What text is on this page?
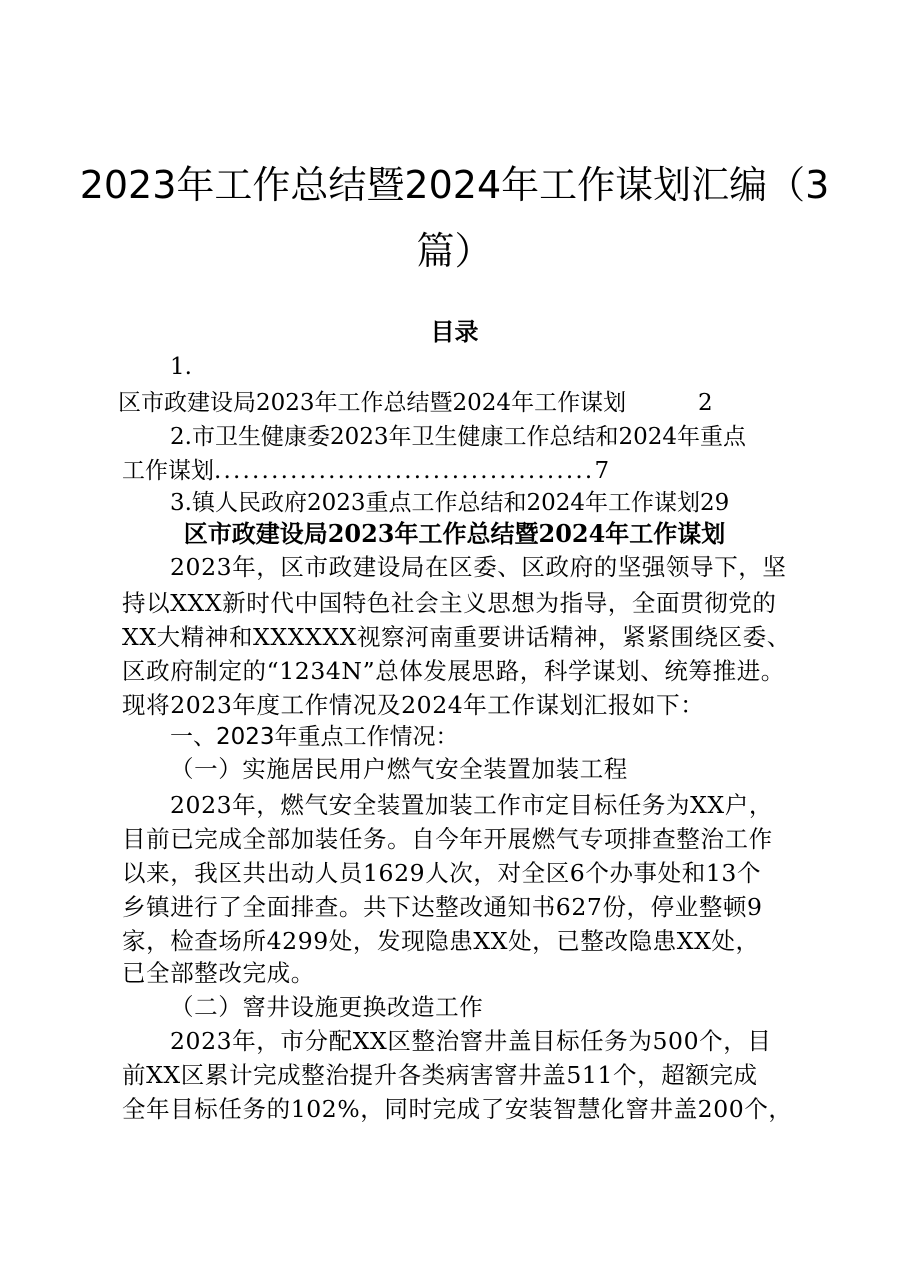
2023年工作总结暨2024年工作谋划汇编（3
篇）
目录
1.
区市政建设局2023年工作总结暨2024年工作谋划	2
2.市卫生健康委2023年卫生健康工作总结和2024年重点
工作谋划........................................7
3.镇人民政府2023重点工作总结和2024年工作谋划29
区市政建设局2023年工作总结暨2024年工作谋划
2023年，区市政建设局在区委、区政府的坚强领导下，坚
持以XXX新时代中国特色社会主义思想为指导，全面贯彻党的
XX大精神和XXXXXX视察河南重要讲话精神，紧紧围绕区委、
区政府制定的“1234N”总体发展思路，科学谋划、统筹推进。
现将2023年度工作情况及2024年工作谋划汇报如下：
一、2023年重点工作情况：
（一）实施居民用户燃气安全装置加装工程
2023年，燃气安全装置加装工作市定目标任务为XX户，
目前已完成全部加装任务。自今年开展燃气专项排查整治工作
以来，我区共出动人员1629人次，对全区6个办事处和13个
乡镇进行了全面排查。共下达整改通知书627份，停业整顿9
家，检查场所4299处，发现隐患XX处，已整改隐患XX处，
已全部整改完成。
（二）窨井设施更换改造工作
2023年，市分配XX区整治窨井盖目标任务为500个，目
前XX区累计完成整治提升各类病害窨井盖511个，超额完成
全年目标任务的102%，同时完成了安装智慧化窨井盖200个，
